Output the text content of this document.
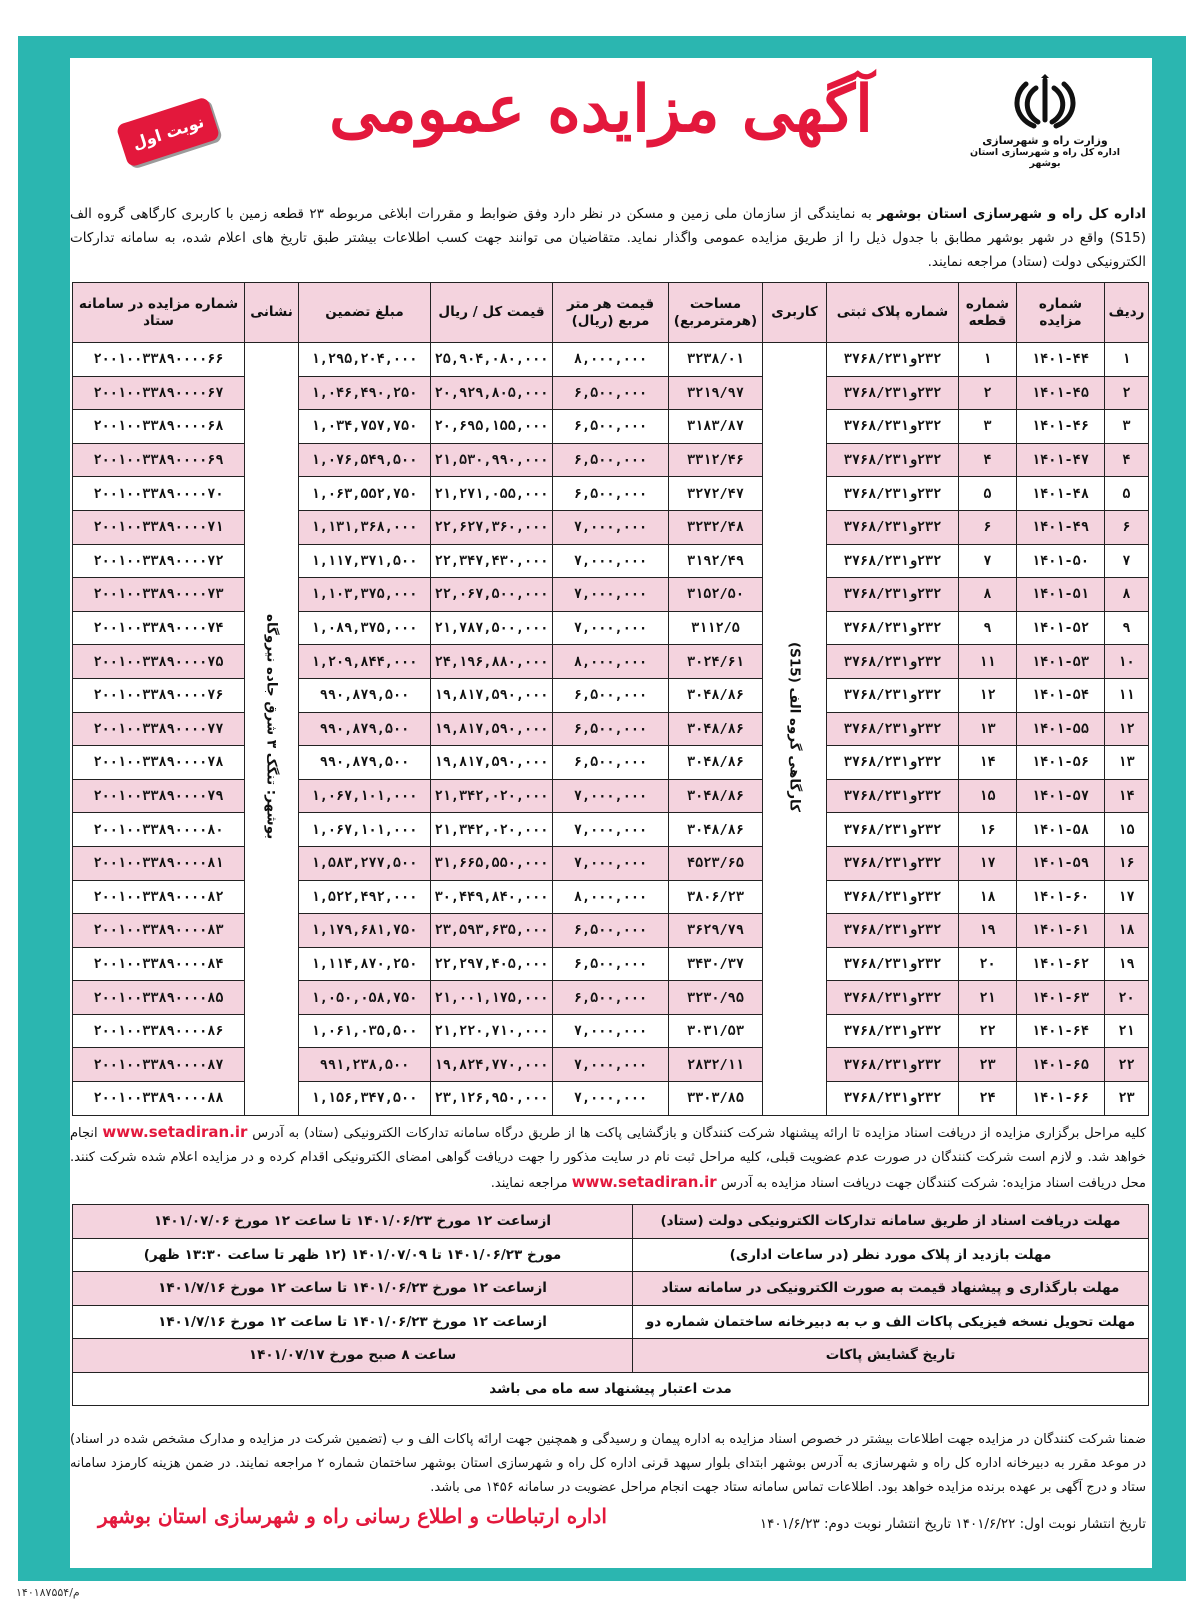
وزارت راه و شهرسازی
اداره کل راه و شهرسازی استان بوشهر
آگهی مزایده عمومی
نوبت اول
اداره کل راه و شهرسازی استان بوشهر به نمایندگی از سازمان ملی زمین و مسکن در نظر دارد وفق ضوابط و مقررات ابلاغی مربوطه ۲۳ قطعه زمین با کاربری کارگاهی گروه الف (S15) واقع در شهر بوشهر مطابق با جدول ذیل را از طریق مزایده عمومی واگذار نماید. متقاضیان می توانند جهت کسب اطلاعات بیشتر طبق تاریخ های اعلام شده، به سامانه تدارکات الکترونیکی دولت (ستاد) مراجعه نمایند.
ردیف	شماره مزایده	شماره قطعه	شماره پلاک ثبتی	کاربری	مساحت (هرمترمربع)	قیمت هر متر مربع (ریال)	قیمت کل / ریال	مبلغ تضمین	نشانی	شماره مزایده در سامانه ستاد
۱	۱۴۰۱-۴۴	۱	۲۳۲و۳۷۶۸/۲۳۱	کارگاهی گروه الف (S15)	۳۲۳۸/۰۱	۸,۰۰۰,۰۰۰	۲۵,۹۰۴,۰۸۰,۰۰۰	۱,۲۹۵,۲۰۴,۰۰۰	بوشهر: تنگک ۳ شرق جاده نیروگاه	۲۰۰۱۰۰۳۳۸۹۰۰۰۰۶۶
۲	۱۴۰۱-۴۵	۲	۲۳۲و۳۷۶۸/۲۳۱		۳۲۱۹/۹۷	۶,۵۰۰,۰۰۰	۲۰,۹۲۹,۸۰۵,۰۰۰	۱,۰۴۶,۴۹۰,۲۵۰		۲۰۰۱۰۰۳۳۸۹۰۰۰۰۶۷
۳	۱۴۰۱-۴۶	۳	۲۳۲و۳۷۶۸/۲۳۱		۳۱۸۳/۸۷	۶,۵۰۰,۰۰۰	۲۰,۶۹۵,۱۵۵,۰۰۰	۱,۰۳۴,۷۵۷,۷۵۰		۲۰۰۱۰۰۳۳۸۹۰۰۰۰۶۸
۴	۱۴۰۱-۴۷	۴	۲۳۲و۳۷۶۸/۲۳۱		۳۳۱۲/۴۶	۶,۵۰۰,۰۰۰	۲۱,۵۳۰,۹۹۰,۰۰۰	۱,۰۷۶,۵۴۹,۵۰۰		۲۰۰۱۰۰۳۳۸۹۰۰۰۰۶۹
۵	۱۴۰۱-۴۸	۵	۲۳۲و۳۷۶۸/۲۳۱		۳۲۷۲/۴۷	۶,۵۰۰,۰۰۰	۲۱,۲۷۱,۰۵۵,۰۰۰	۱,۰۶۳,۵۵۲,۷۵۰		۲۰۰۱۰۰۳۳۸۹۰۰۰۰۷۰
۶	۱۴۰۱-۴۹	۶	۲۳۲و۳۷۶۸/۲۳۱		۳۲۳۲/۴۸	۷,۰۰۰,۰۰۰	۲۲,۶۲۷,۳۶۰,۰۰۰	۱,۱۳۱,۳۶۸,۰۰۰		۲۰۰۱۰۰۳۳۸۹۰۰۰۰۷۱
۷	۱۴۰۱-۵۰	۷	۲۳۲و۳۷۶۸/۲۳۱		۳۱۹۲/۴۹	۷,۰۰۰,۰۰۰	۲۲,۳۴۷,۴۳۰,۰۰۰	۱,۱۱۷,۳۷۱,۵۰۰		۲۰۰۱۰۰۳۳۸۹۰۰۰۰۷۲
۸	۱۴۰۱-۵۱	۸	۲۳۲و۳۷۶۸/۲۳۱		۳۱۵۲/۵۰	۷,۰۰۰,۰۰۰	۲۲,۰۶۷,۵۰۰,۰۰۰	۱,۱۰۳,۳۷۵,۰۰۰		۲۰۰۱۰۰۳۳۸۹۰۰۰۰۷۳
۹	۱۴۰۱-۵۲	۹	۲۳۲و۳۷۶۸/۲۳۱		۳۱۱۲/۵	۷,۰۰۰,۰۰۰	۲۱,۷۸۷,۵۰۰,۰۰۰	۱,۰۸۹,۳۷۵,۰۰۰		۲۰۰۱۰۰۳۳۸۹۰۰۰۰۷۴
۱۰	۱۴۰۱-۵۳	۱۱	۲۳۲و۳۷۶۸/۲۳۱		۳۰۲۴/۶۱	۸,۰۰۰,۰۰۰	۲۴,۱۹۶,۸۸۰,۰۰۰	۱,۲۰۹,۸۴۴,۰۰۰		۲۰۰۱۰۰۳۳۸۹۰۰۰۰۷۵
۱۱	۱۴۰۱-۵۴	۱۲	۲۳۲و۳۷۶۸/۲۳۱		۳۰۴۸/۸۶	۶,۵۰۰,۰۰۰	۱۹,۸۱۷,۵۹۰,۰۰۰	۹۹۰,۸۷۹,۵۰۰		۲۰۰۱۰۰۳۳۸۹۰۰۰۰۷۶
۱۲	۱۴۰۱-۵۵	۱۳	۲۳۲و۳۷۶۸/۲۳۱		۳۰۴۸/۸۶	۶,۵۰۰,۰۰۰	۱۹,۸۱۷,۵۹۰,۰۰۰	۹۹۰,۸۷۹,۵۰۰		۲۰۰۱۰۰۳۳۸۹۰۰۰۰۷۷
۱۳	۱۴۰۱-۵۶	۱۴	۲۳۲و۳۷۶۸/۲۳۱		۳۰۴۸/۸۶	۶,۵۰۰,۰۰۰	۱۹,۸۱۷,۵۹۰,۰۰۰	۹۹۰,۸۷۹,۵۰۰		۲۰۰۱۰۰۳۳۸۹۰۰۰۰۷۸
۱۴	۱۴۰۱-۵۷	۱۵	۲۳۲و۳۷۶۸/۲۳۱		۳۰۴۸/۸۶	۷,۰۰۰,۰۰۰	۲۱,۳۴۲,۰۲۰,۰۰۰	۱,۰۶۷,۱۰۱,۰۰۰		۲۰۰۱۰۰۳۳۸۹۰۰۰۰۷۹
۱۵	۱۴۰۱-۵۸	۱۶	۲۳۲و۳۷۶۸/۲۳۱		۳۰۴۸/۸۶	۷,۰۰۰,۰۰۰	۲۱,۳۴۲,۰۲۰,۰۰۰	۱,۰۶۷,۱۰۱,۰۰۰		۲۰۰۱۰۰۳۳۸۹۰۰۰۰۸۰
۱۶	۱۴۰۱-۵۹	۱۷	۲۳۲و۳۷۶۸/۲۳۱		۴۵۲۳/۶۵	۷,۰۰۰,۰۰۰	۳۱,۶۶۵,۵۵۰,۰۰۰	۱,۵۸۳,۲۷۷,۵۰۰		۲۰۰۱۰۰۳۳۸۹۰۰۰۰۸۱
۱۷	۱۴۰۱-۶۰	۱۸	۲۳۲و۳۷۶۸/۲۳۱		۳۸۰۶/۲۳	۸,۰۰۰,۰۰۰	۳۰,۴۴۹,۸۴۰,۰۰۰	۱,۵۲۲,۴۹۲,۰۰۰		۲۰۰۱۰۰۳۳۸۹۰۰۰۰۸۲
۱۸	۱۴۰۱-۶۱	۱۹	۲۳۲و۳۷۶۸/۲۳۱		۳۶۲۹/۷۹	۶,۵۰۰,۰۰۰	۲۳,۵۹۳,۶۳۵,۰۰۰	۱,۱۷۹,۶۸۱,۷۵۰		۲۰۰۱۰۰۳۳۸۹۰۰۰۰۸۳
۱۹	۱۴۰۱-۶۲	۲۰	۲۳۲و۳۷۶۸/۲۳۱		۳۴۳۰/۳۷	۶,۵۰۰,۰۰۰	۲۲,۲۹۷,۴۰۵,۰۰۰	۱,۱۱۴,۸۷۰,۲۵۰		۲۰۰۱۰۰۳۳۸۹۰۰۰۰۸۴
۲۰	۱۴۰۱-۶۳	۲۱	۲۳۲و۳۷۶۸/۲۳۱		۳۲۳۰/۹۵	۶,۵۰۰,۰۰۰	۲۱,۰۰۱,۱۷۵,۰۰۰	۱,۰۵۰,۰۵۸,۷۵۰		۲۰۰۱۰۰۳۳۸۹۰۰۰۰۸۵
۲۱	۱۴۰۱-۶۴	۲۲	۲۳۲و۳۷۶۸/۲۳۱		۳۰۳۱/۵۳	۷,۰۰۰,۰۰۰	۲۱,۲۲۰,۷۱۰,۰۰۰	۱,۰۶۱,۰۳۵,۵۰۰		۲۰۰۱۰۰۳۳۸۹۰۰۰۰۸۶
۲۲	۱۴۰۱-۶۵	۲۳	۲۳۲و۳۷۶۸/۲۳۱		۲۸۳۲/۱۱	۷,۰۰۰,۰۰۰	۱۹,۸۲۴,۷۷۰,۰۰۰	۹۹۱,۲۳۸,۵۰۰		۲۰۰۱۰۰۳۳۸۹۰۰۰۰۸۷
۲۳	۱۴۰۱-۶۶	۲۴	۲۳۲و۳۷۶۸/۲۳۱		۳۳۰۳/۸۵	۷,۰۰۰,۰۰۰	۲۳,۱۲۶,۹۵۰,۰۰۰	۱,۱۵۶,۳۴۷,۵۰۰		۲۰۰۱۰۰۳۳۸۹۰۰۰۰۸۸
کلیه مراحل برگزاری مزایده از دریافت اسناد مزایده تا ارائه پیشنهاد شرکت کنندگان و بازگشایی پاکت ها از طریق درگاه سامانه تدارکات الکترونیکی (ستاد) به آدرس www.setadiran.ir انجام خواهد شد. و لازم است شرکت کنندگان در صورت عدم عضویت قبلی، کلیه مراحل ثبت نام در سایت مذکور را جهت دریافت گواهی امضای الکترونیکی اقدام کرده و در مزایده اعلام شده شرکت کنند. محل دریافت اسناد مزایده: شرکت کنندگان جهت دریافت اسناد مزایده به آدرس www.setadiran.ir مراجعه نمایند.
مهلت دریافت اسناد از طریق سامانه تدارکات الکترونیکی دولت (ستاد)	ازساعت ۱۲ مورخ ۱۴۰۱/۰۶/۲۳ تا ساعت ۱۲ مورخ ۱۴۰۱/۰۷/۰۶
مهلت بازدید از پلاک مورد نظر (در ساعات اداری)	مورخ ۱۴۰۱/۰۶/۲۳ تا ۱۴۰۱/۰۷/۰۹ (۱۲ ظهر تا ساعت ۱۳:۳۰ ظهر)
مهلت بارگذاری و پیشنهاد قیمت به صورت الکترونیکی در سامانه ستاد	ازساعت ۱۲ مورخ ۱۴۰۱/۰۶/۲۳ تا ساعت ۱۲ مورخ ۱۴۰۱/۷/۱۶
مهلت تحویل نسخه فیزیکی پاکات الف و ب به دبیرخانه ساختمان شماره دو	ازساعت ۱۲ مورخ ۱۴۰۱/۰۶/۲۳ تا ساعت ۱۲ مورخ ۱۴۰۱/۷/۱۶
تاریخ گشایش پاکات	ساعت ۸ صبح مورخ ۱۴۰۱/۰۷/۱۷
مدت اعتبار پیشنهاد سه ماه می باشد	
ضمنا شرکت کنندگان در مزایده جهت اطلاعات بیشتر در خصوص اسناد مزایده به اداره پیمان و رسیدگی و همچنین جهت ارائه پاکات الف و ب (تضمین شرکت در مزایده و مدارک مشخص شده در اسناد) در موعد مقرر به دبیرخانه اداره کل راه و شهرسازی به آدرس بوشهر ابتدای بلوار سپهد قرنی اداره کل راه و شهرسازی استان بوشهر ساختمان شماره ۲ مراجعه نمایند. در ضمن هزینه کارمزد سامانه ستاد و درج آگهی بر عهده برنده مزایده خواهد بود. اطلاعات تماس سامانه ستاد جهت انجام مراحل عضویت در سامانه ۱۴۵۶ می باشد.
تاریخ انتشار نوبت اول: ۱۴۰۱/۶/۲۲ تاریخ انتشار نوبت دوم: ۱۴۰۱/۶/۲۳
اداره ارتباطات و اطلاع رسانی راه و شهرسازی استان بوشهر
م/۱۴۰۱۸۷۵۵۴
